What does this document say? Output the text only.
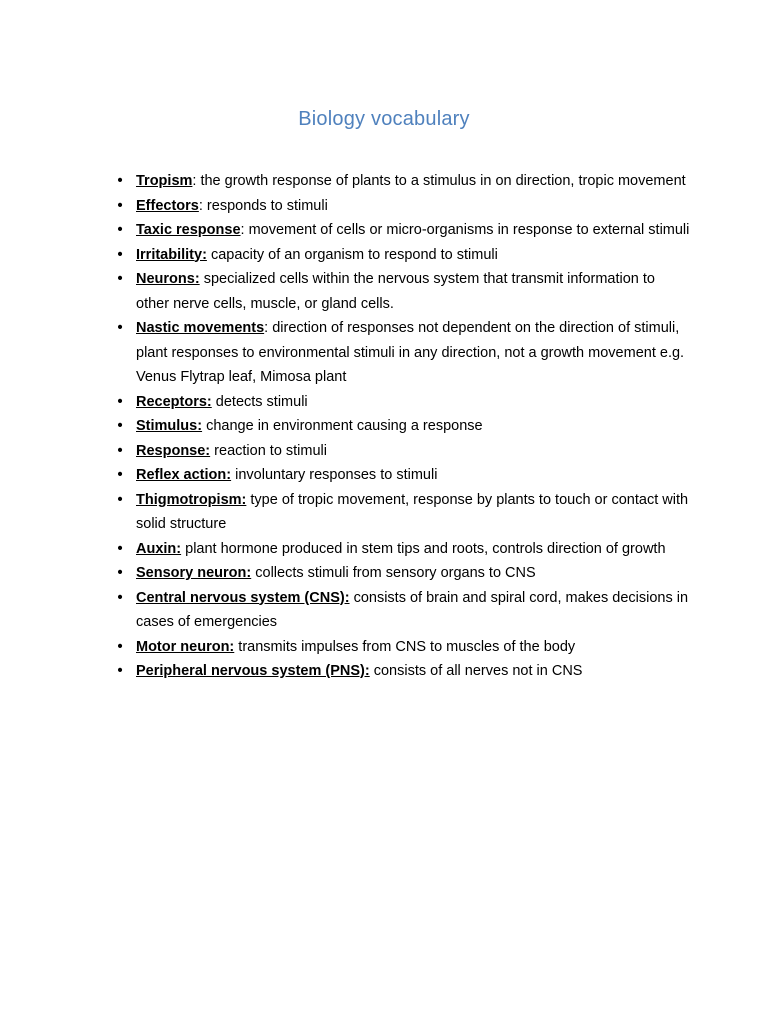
Biology vocabulary
• Tropism: the growth response of plants to a stimulus in on direction, tropic movement
• Effectors: responds to stimuli
• Taxic response: movement of cells or micro-organisms in response to external stimuli
• Irritability: capacity of an organism to respond to stimuli
• Neurons: specialized cells within the nervous system that transmit information to other nerve cells, muscle, or gland cells.
• Nastic movements: direction of responses not dependent on the direction of stimuli, plant responses to environmental stimuli in any direction, not a growth movement e.g. Venus Flytrap leaf, Mimosa plant
• Receptors: detects stimuli
• Stimulus: change in environment causing a response
• Response: reaction to stimuli
• Reflex action: involuntary responses to stimuli
• Thigmotropism: type of tropic movement, response by plants to touch or contact with solid structure
• Auxin: plant hormone produced in stem tips and roots, controls direction of growth
• Sensory neuron: collects stimuli from sensory organs to CNS
• Central nervous system (CNS): consists of brain and spiral cord, makes decisions in cases of emergencies
• Motor neuron: transmits impulses from CNS to muscles of the body
• Peripheral nervous system (PNS): consists of all nerves not in CNS
